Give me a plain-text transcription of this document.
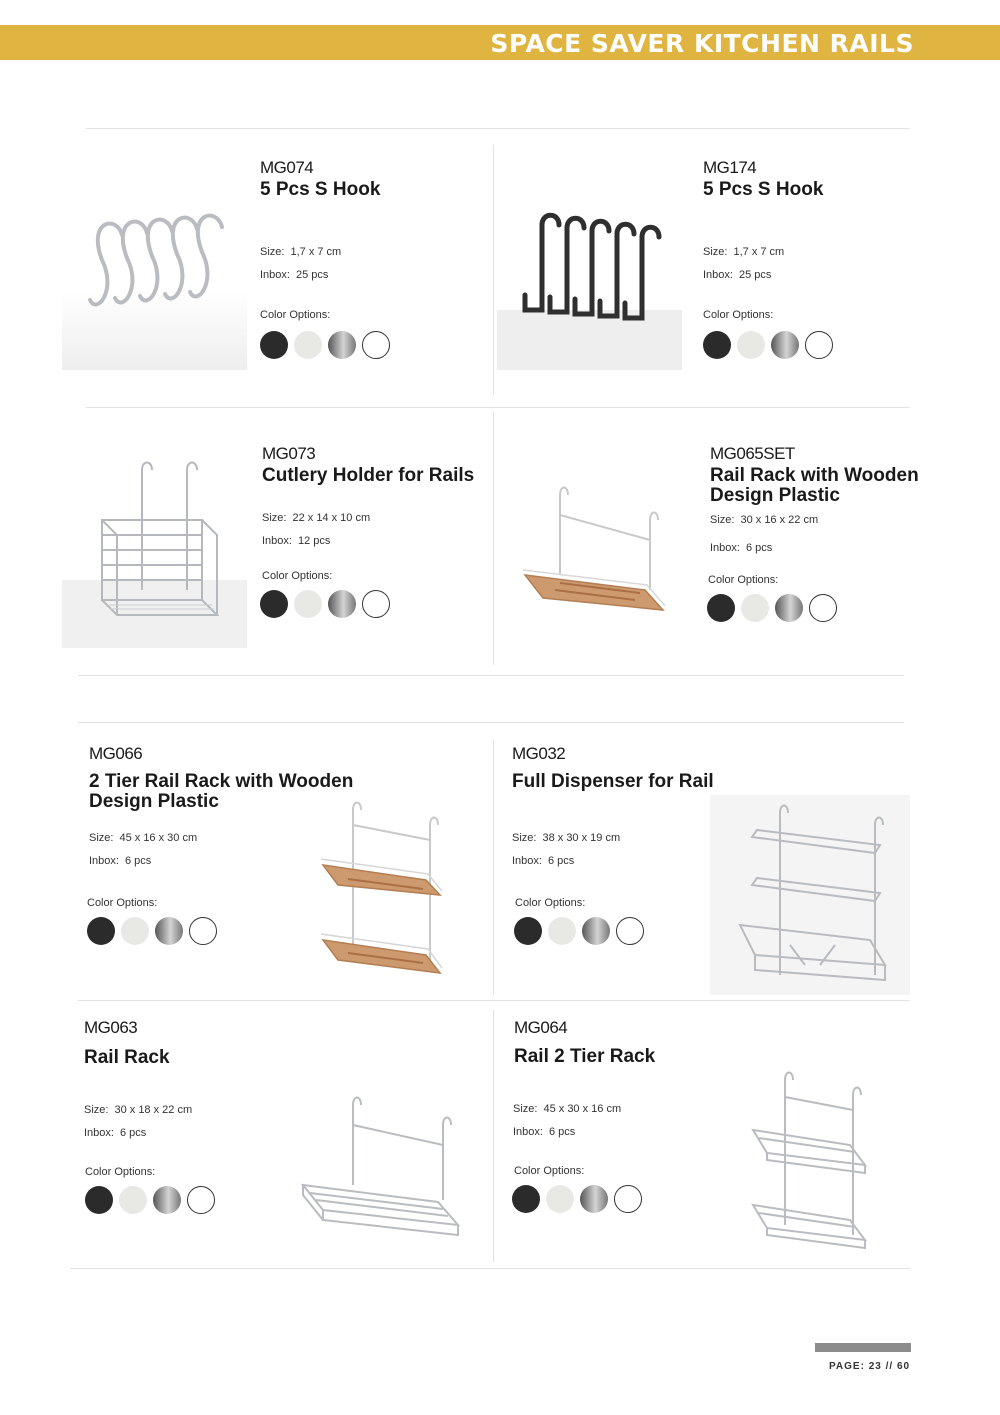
SPACE SAVER KITCHEN RAILS
MG074
5 Pcs S Hook
Size: 1,7 x 7 cm
Inbox: 25 pcs
Color Options:
MG174
5 Pcs S Hook
Size: 1,7 x 7 cm
Inbox: 25 pcs
Color Options:
MG073
Cutlery Holder for Rails
Size: 22 x 14 x 10 cm
Inbox: 12 pcs
Color Options:
MG065SET
Rail Rack with Wooden Design Plastic
Size: 30 x 16 x 22 cm
Inbox: 6 pcs
Color Options:
MG066
2 Tier Rail Rack with Wooden Design Plastic
Size: 45 x 16 x 30 cm
Inbox: 6 pcs
Color Options:
MG032
Full Dispenser for Rail
Size: 38 x 30 x 19 cm
Inbox: 6 pcs
Color Options:
MG063
Rail Rack
Size: 30 x 18 x 22 cm
Inbox: 6 pcs
Color Options:
MG064
Rail 2 Tier Rack
Size: 45 x 30 x 16 cm
Inbox: 6 pcs
Color Options:
PAGE: 23 // 60
